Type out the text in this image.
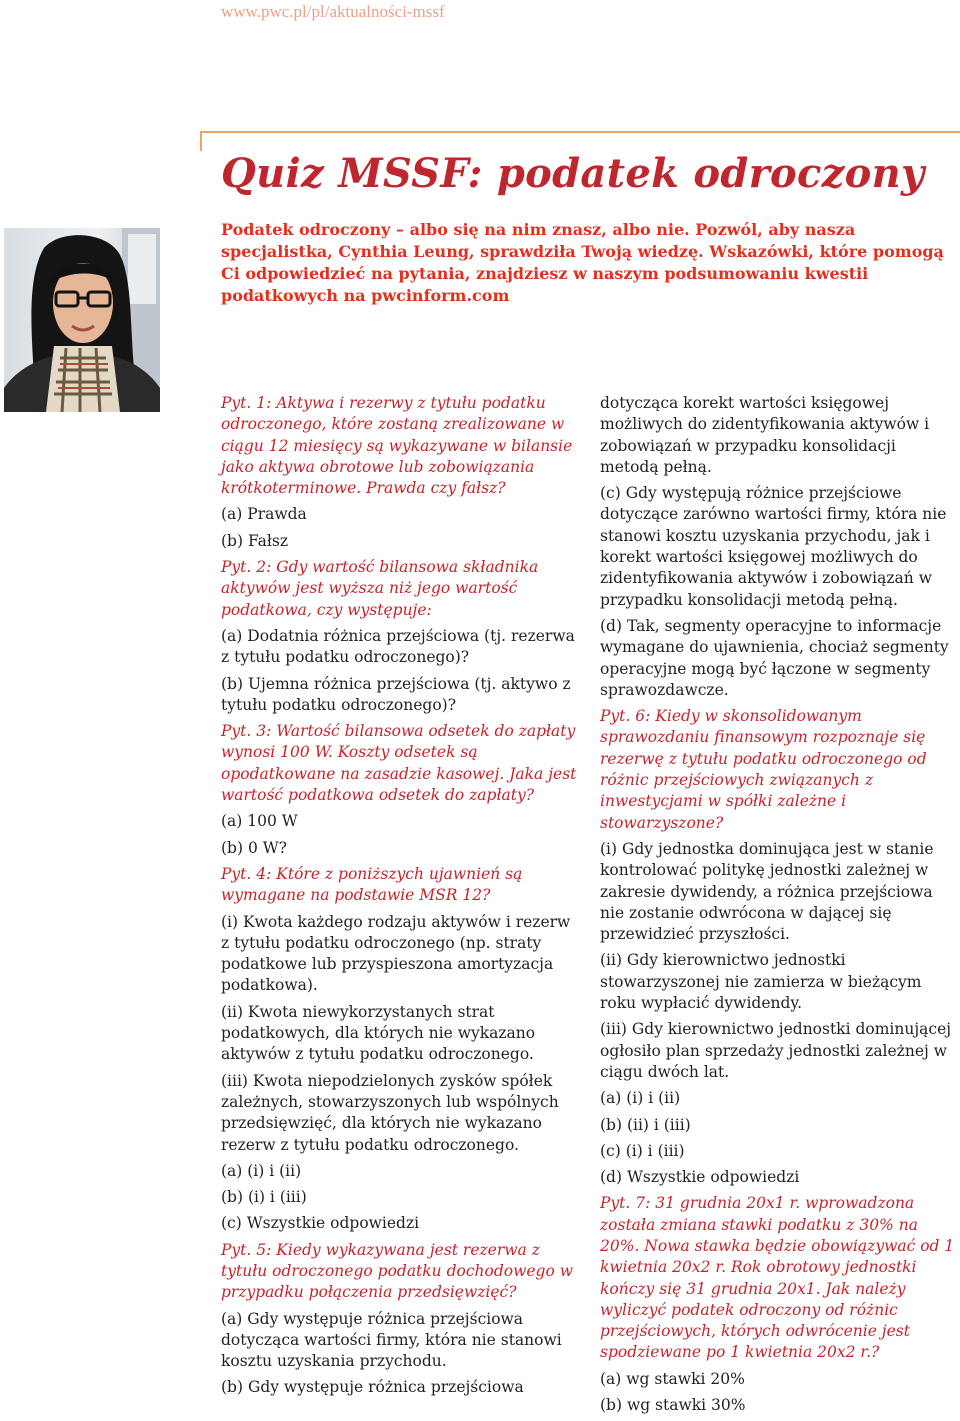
www.pwc.pl/pl/aktualności-mssf
Quiz MSSF: podatek odroczony
Podatek odroczony – albo się na nim znasz, albo nie. Pozwól, aby nasza specjalistka, Cynthia Leung, sprawdziła Twoją wiedzę. Wskazówki, które pomogą Ci odpowiedzieć na pytania, znajdziesz w naszym podsumowaniu kwestii podatkowych na pwcinform.com

Pyt. 1: Aktywa i rezerwy z tytułu podatku odroczonego, które zostaną zrealizowane w ciągu 12 miesięcy są wykazywane w bilansie jako aktywa obrotowe lub zobowiązania krótkoterminowe. Prawda czy fałsz?

(a) Prawda

(b) Fałsz

Pyt. 2: Gdy wartość bilansowa składnika aktywów jest wyższa niż jego wartość podatkowa, czy występuje:

(a) Dodatnia różnica przejściowa (tj. rezerwa z tytułu podatku odroczonego)?

(b) Ujemna różnica przejściowa (tj. aktywo z tytułu podatku odroczonego)?

Pyt. 3: Wartość bilansowa odsetek do zapłaty wynosi 100 W. Koszty odsetek są opodatkowane na zasadzie kasowej. Jaka jest wartość podatkowa odsetek do zapłaty?

(a) 100 W

(b) 0 W?

Pyt. 4: Które z poniższych ujawnień są wymagane na podstawie MSR 12?

(i) Kwota każdego rodzaju aktywów i rezerw z tytułu podatku odroczonego (np. straty podatkowe lub przyspieszona amortyzacja podatkowa).

(ii) Kwota niewykorzystanych strat podatkowych, dla których nie wykazano aktywów z tytułu podatku odroczonego.

(iii) Kwota niepodzielonych zysków spółek zależnych, stowarzyszonych lub wspólnych przedsięwzięć, dla których nie wykazano rezerw z tytułu podatku odroczonego.

(a) (i) i (ii)

(b) (i) i (iii)

(c) Wszystkie odpowiedzi

Pyt. 5: Kiedy wykazywana jest rezerwa z tytułu odroczonego podatku dochodowego w przypadku połączenia przedsięwzięć?

(a) Gdy występuje różnica przejściowa dotycząca wartości firmy, która nie stanowi kosztu uzyskania przychodu.

(b) Gdy występuje różnica przejściowa

dotycząca korekt wartości księgowej możliwych do zidentyfikowania aktywów i zobowiązań w przypadku konsolidacji metodą pełną.

(c) Gdy występują różnice przejściowe dotyczące zarówno wartości firmy, która nie stanowi kosztu uzyskania przychodu, jak i korekt wartości księgowej możliwych do zidentyfikowania aktywów i zobowiązań w przypadku konsolidacji metodą pełną.

(d) Tak, segmenty operacyjne to informacje wymagane do ujawnienia, chociaż segmenty operacyjne mogą być łączone w segmenty sprawozdawcze.

Pyt. 6: Kiedy w skonsolidowanym sprawozdaniu finansowym rozpoznaje się rezerwę z tytułu podatku odroczonego od różnic przejściowych związanych z inwestycjami w spółki zależne i stowarzyszone?

(i) Gdy jednostka dominująca jest w stanie kontrolować politykę jednostki zależnej w zakresie dywidendy, a różnica przejściowa nie zostanie odwrócona w dającej się przewidzieć przyszłości.

(ii) Gdy kierownictwo jednostki stowarzyszonej nie zamierza w bieżącym roku wypłacić dywidendy.

(iii) Gdy kierownictwo jednostki dominującej ogłosiło plan sprzedaży jednostki zależnej w ciągu dwóch lat.

(a) (i) i (ii)

(b) (ii) i (iii)

(c) (i) i (iii)

(d) Wszystkie odpowiedzi

Pyt. 7: 31 grudnia 20x1 r. wprowadzona została zmiana stawki podatku z 30% na 20%. Nowa stawka będzie obowiązywać od 1 kwietnia 20x2 r. Rok obrotowy jednostki kończy się 31 grudnia 20x1. Jak należy wyliczyć podatek odroczony od różnic przejściowych, których odwrócenie jest spodziewane po 1 kwietnia 20x2 r.?

(a) wg stawki 20%

(b) wg stawki 30%
